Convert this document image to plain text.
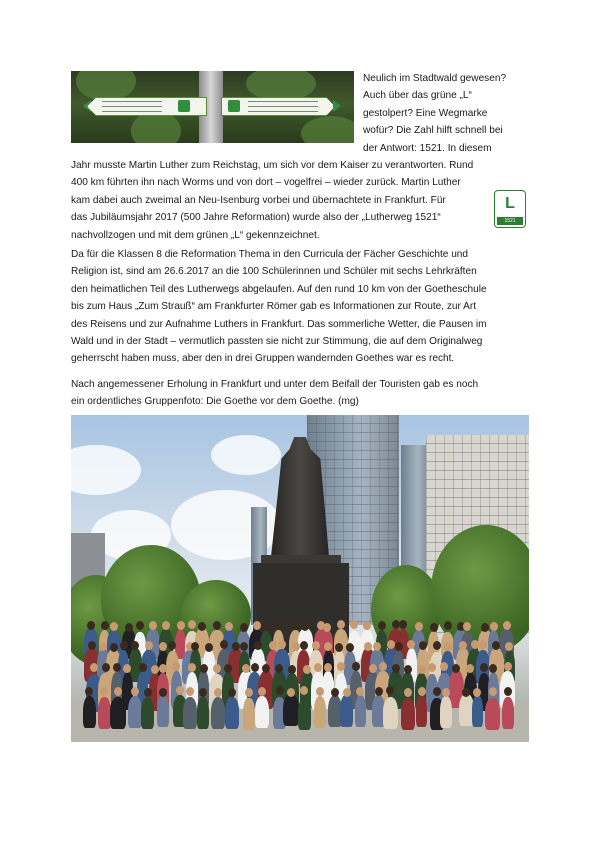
Neulich im Stadtwald gewesen?
Auch über das grüne „L“
gestolpert? Eine Wegmarke
wofür? Die Zahl hilft schnell bei
der Antwort: 1521. In diesem
Jahr musste Martin Luther zum Reichstag, um sich vor dem Kaiser zu verantworten. Rund
400 km führten ihn nach Worms und von dort – vogelfrei – wieder zurück. Martin Luther
kam dabei auch zweimal an Neu-Isenburg vorbei und übernachtete in Frankfurt. Für
das Jubiläumsjahr 2017 (500 Jahre Reformation) wurde also der „Lutherweg 1521“
nachvollzogen und mit dem grünen „L“ gekennzeichnet.
L
1521
Da für die Klassen 8 die Reformation Thema in den Curricula der Fächer Geschichte und
Religion ist, sind am 26.6.2017 an die 100 Schülerinnen und Schüler mit sechs Lehrkräften
den heimatlichen Teil des Lutherwegs abgelaufen. Auf den rund 10 km von der Goetheschule
bis zum Haus „Zum Strauß“ am Frankfurter Römer gab es Informationen zur Route, zur Art
des Reisens und zur Aufnahme Luthers in Frankfurt. Das sommerliche Wetter, die Pausen im
Wald und in der Stadt – vermutlich passten sie nicht zur Stimmung, die auf dem Originalweg
geherrscht haben muss, aber den in drei Gruppen wandernden Goethes war es recht.
Nach angemessener Erholung in Frankfurt und unter dem Beifall der Touristen gab es noch
ein ordentliches Gruppenfoto: Die Goethe vor dem Goethe. (mg)
